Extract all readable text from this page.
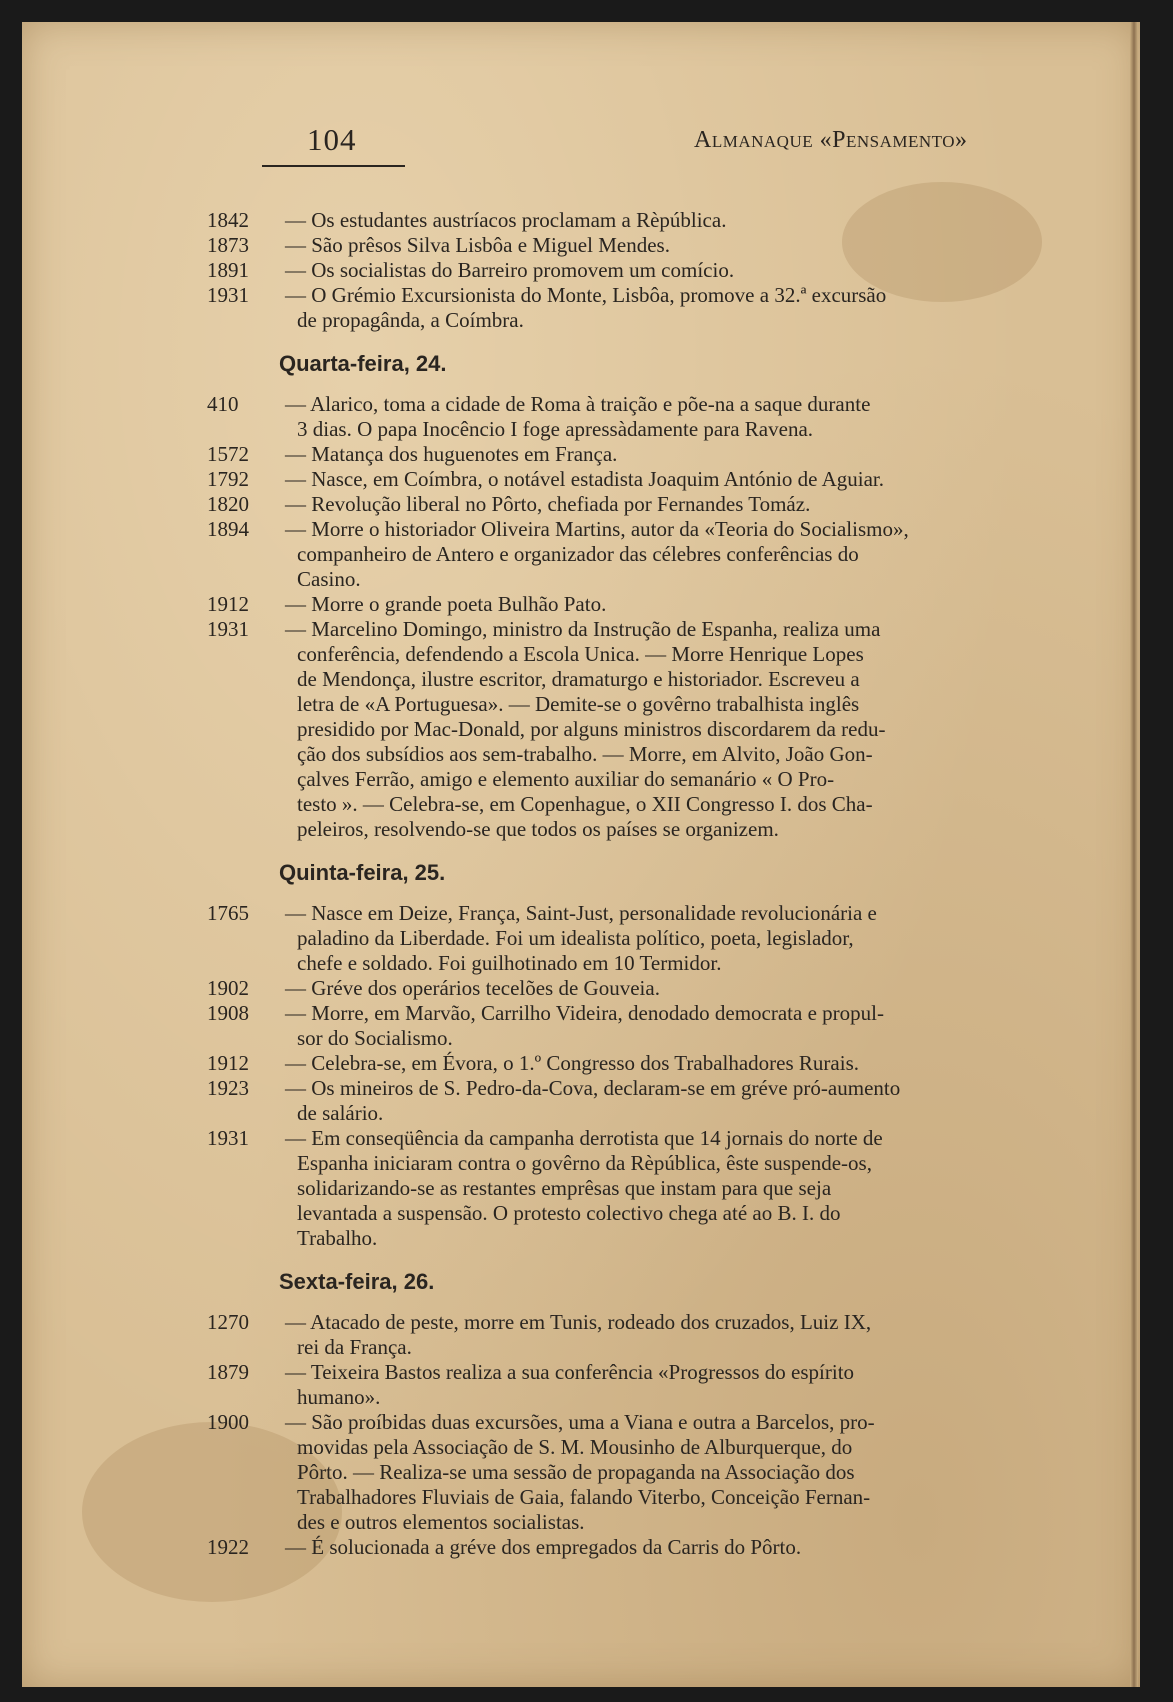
104	Almanaque «Pensamento»
1842	— Os estudantes austríacos proclamam a Rèpública.
1873	— São prêsos Silva Lisbôa e Miguel Mendes.
1891	— Os socialistas do Barreiro promovem um comício.
1931	— O Grémio Excursionista do Monte, Lisbôa, promove a 32.ª excursão
de propagânda, a Coímbra.
Quarta-feira, 24.
410	— Alarico, toma a cidade de Roma à traição e põe-na a saque durante
3 dias. O papa Inocêncio I foge apressàdamente para Ravena.
1572	— Matança dos huguenotes em França.
1792	— Nasce, em Coímbra, o notável estadista Joaquim António de Aguiar.
1820	— Revolução liberal no Pôrto, chefiada por Fernandes Tomáz.
1894	— Morre o historiador Oliveira Martins, autor da «Teoria do Socialismo»,
companheiro de Antero e organizador das célebres conferências do
Casino.
1912	— Morre o grande poeta Bulhão Pato.
1931	— Marcelino Domingo, ministro da Instrução de Espanha, realiza uma
conferência, defendendo a Escola Unica. — Morre Henrique Lopes
de Mendonça, ilustre escritor, dramaturgo e historiador. Escreveu a
letra de «A Portuguesa». — Demite-se o govêrno trabalhista inglês
presidido por Mac-Donald, por alguns ministros discordarem da redu-
ção dos subsídios aos sem-trabalho. — Morre, em Alvito, João Gon-
çalves Ferrão, amigo e elemento auxiliar do semanário « O Pro-
testo ». — Celebra-se, em Copenhague, o XII Congresso I. dos Cha-
peleiros, resolvendo-se que todos os países se organizem.
Quinta-feira, 25.
1765	— Nasce em Deize, França, Saint-Just, personalidade revolucionária e
paladino da Liberdade. Foi um idealista político, poeta, legislador,
chefe e soldado. Foi guilhotinado em 10 Termidor.
1902	— Gréve dos operários tecelões de Gouveia.
1908	— Morre, em Marvão, Carrilho Videira, denodado democrata e propul-
sor do Socialismo.
1912	— Celebra-se, em Évora, o 1.º Congresso dos Trabalhadores Rurais.
1923	— Os mineiros de S. Pedro-da-Cova, declaram-se em gréve pró-aumento
de salário.
1931	— Em conseqüência da campanha derrotista que 14 jornais do norte de
Espanha iniciaram contra o govêrno da Rèpública, êste suspende-os,
solidarizando-se as restantes emprêsas que instam para que seja
levantada a suspensão. O protesto colectivo chega até ao B. I. do
Trabalho.
Sexta-feira, 26.
1270	— Atacado de peste, morre em Tunis, rodeado dos cruzados, Luiz IX,
rei da França.
1879	— Teixeira Bastos realiza a sua conferência «Progressos do espírito
humano».
1900	— São proíbidas duas excursões, uma a Viana e outra a Barcelos, pro-
movidas pela Associação de S. M. Mousinho de Alburquerque, do
Pôrto. — Realiza-se uma sessão de propaganda na Associação dos
Trabalhadores Fluviais de Gaia, falando Viterbo, Conceição Fernan-
des e outros elementos socialistas.
1922	— É solucionada a gréve dos empregados da Carris do Pôrto.
